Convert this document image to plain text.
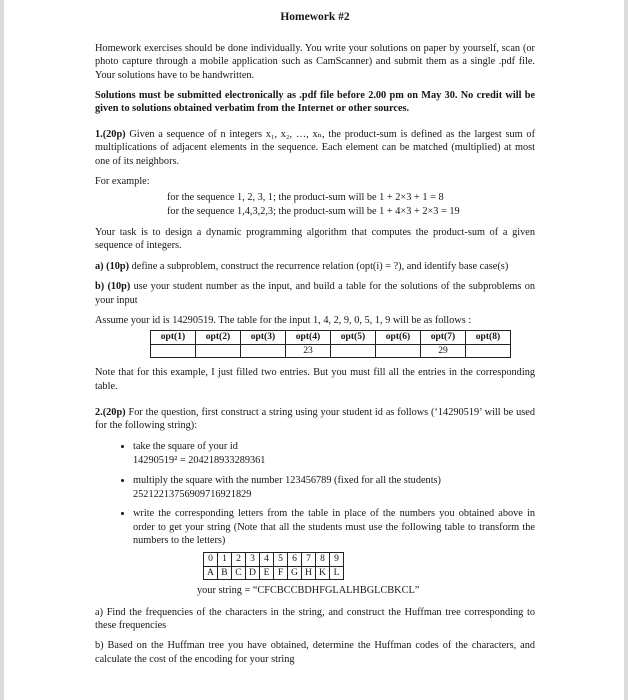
Homework #2

Homework exercises should be done individually. You write your solutions on paper by yourself, scan (or photo capture through a mobile application such as CamScanner) and submit them as a single .pdf file. Your solutions have to be handwritten.

Solutions must be submitted electronically as .pdf file before 2.00 pm on May 30. No credit will be given to solutions obtained verbatim from the Internet or other sources.

1.(20p) Given a sequence of n integers x₁, x₂, …, xₙ, the product-sum is defined as the largest sum of multiplications of adjacent elements in the sequence. Each element can be matched (multiplied) at most one of its neighbors.

For example:

for the sequence 1, 2, 3, 1; the product-sum will be 1 + 2×3 + 1 = 8

for the sequence 1,4,3,2,3; the product-sum will be 1 + 4×3 + 2×3 = 19

Your task is to design a dynamic programming algorithm that computes the product-sum of a given sequence of integers.

a) (10p) define a subproblem, construct the recurrence relation (opt(i) = ?), and identify base case(s)

b) (10p) use your student number as the input, and build a table for the solutions of the subproblems on your input

Assume your id is 14290519. The table for the input 1, 4, 2, 9, 0, 5, 1, 9 will be as follows :

opt(1)	opt(2)	opt(3)	opt(4)	opt(5)	opt(6)	opt(7)	opt(8)
			23			29	

Note that for this example, I just filled two entries. But you must fill all the entries in the corresponding table.

2.(20p) For the question, first construct a string using your student id as follows (‘14290519’ will be used for the following string):

• take the square of your id
14290519² = 204218933289361
• multiply the square with the number 123456789 (fixed for all the students)
25212213756909716921829
• write the corresponding letters from the table in place of the numbers you obtained above in order to get your string (Note that all the students must use the following table to transform the numbers to the letters)
0	1	2	3	4	5	6	7	8	9
A	B	C	D	E	F	G	H	K	L

your string = “CFCBCCBDHFGLALHBGLCBKCL”

a) Find the frequencies of the characters in the string, and construct the Huffman tree corresponding to these frequencies

b) Based on the Huffman tree you have obtained, determine the Huffman codes of the characters, and calculate the cost of the encoding for your string
